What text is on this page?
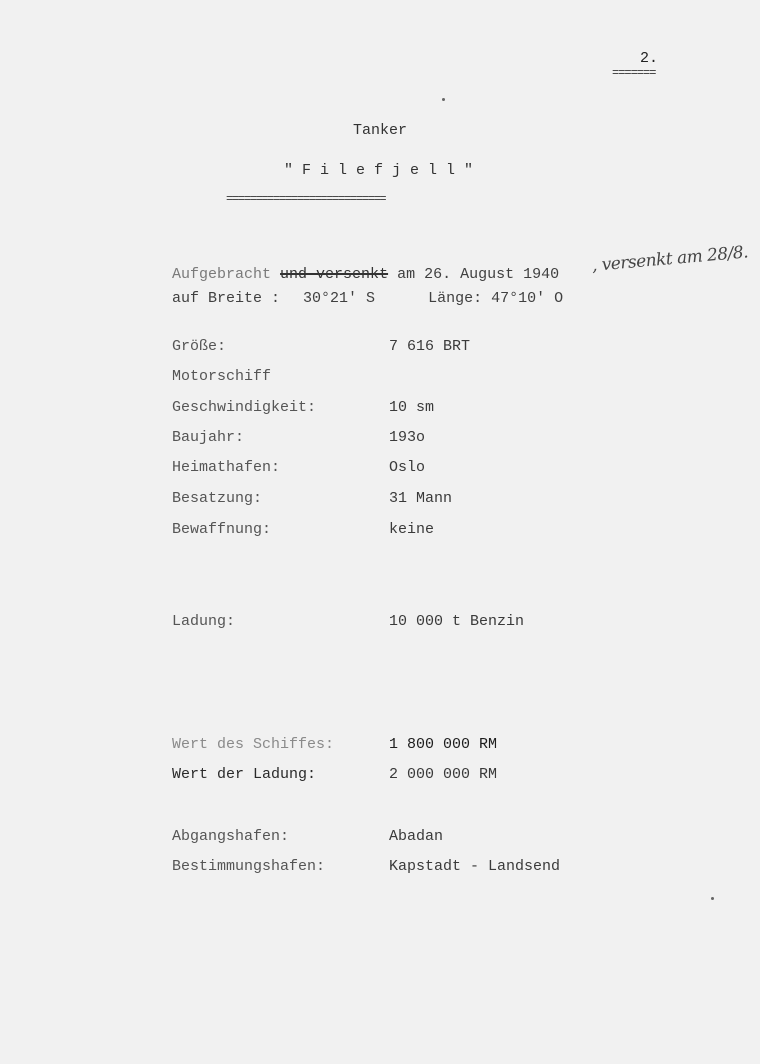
2.
=======
Tanker
"Filefjell"
===========================
Aufgebracht und versenkt am 26. August 1940 , versenkt am 28/8.
auf Breite : 30°21' S	Länge: 47°10' O
Größe:	7 616 BRT
Motorschiff
Geschwindigkeit:	10 sm
Baujahr:	193o
Heimathafen:	Oslo
Besatzung:	31 Mann
Bewaffnung:	keine
Ladung:	10 000 t Benzin
Wert des Schiffes:	1 800 000 RM
Wert der Ladung:	2 000 000 RM
Abgangshafen:	Abadan
Bestimmungshafen:	Kapstadt - Landsend
